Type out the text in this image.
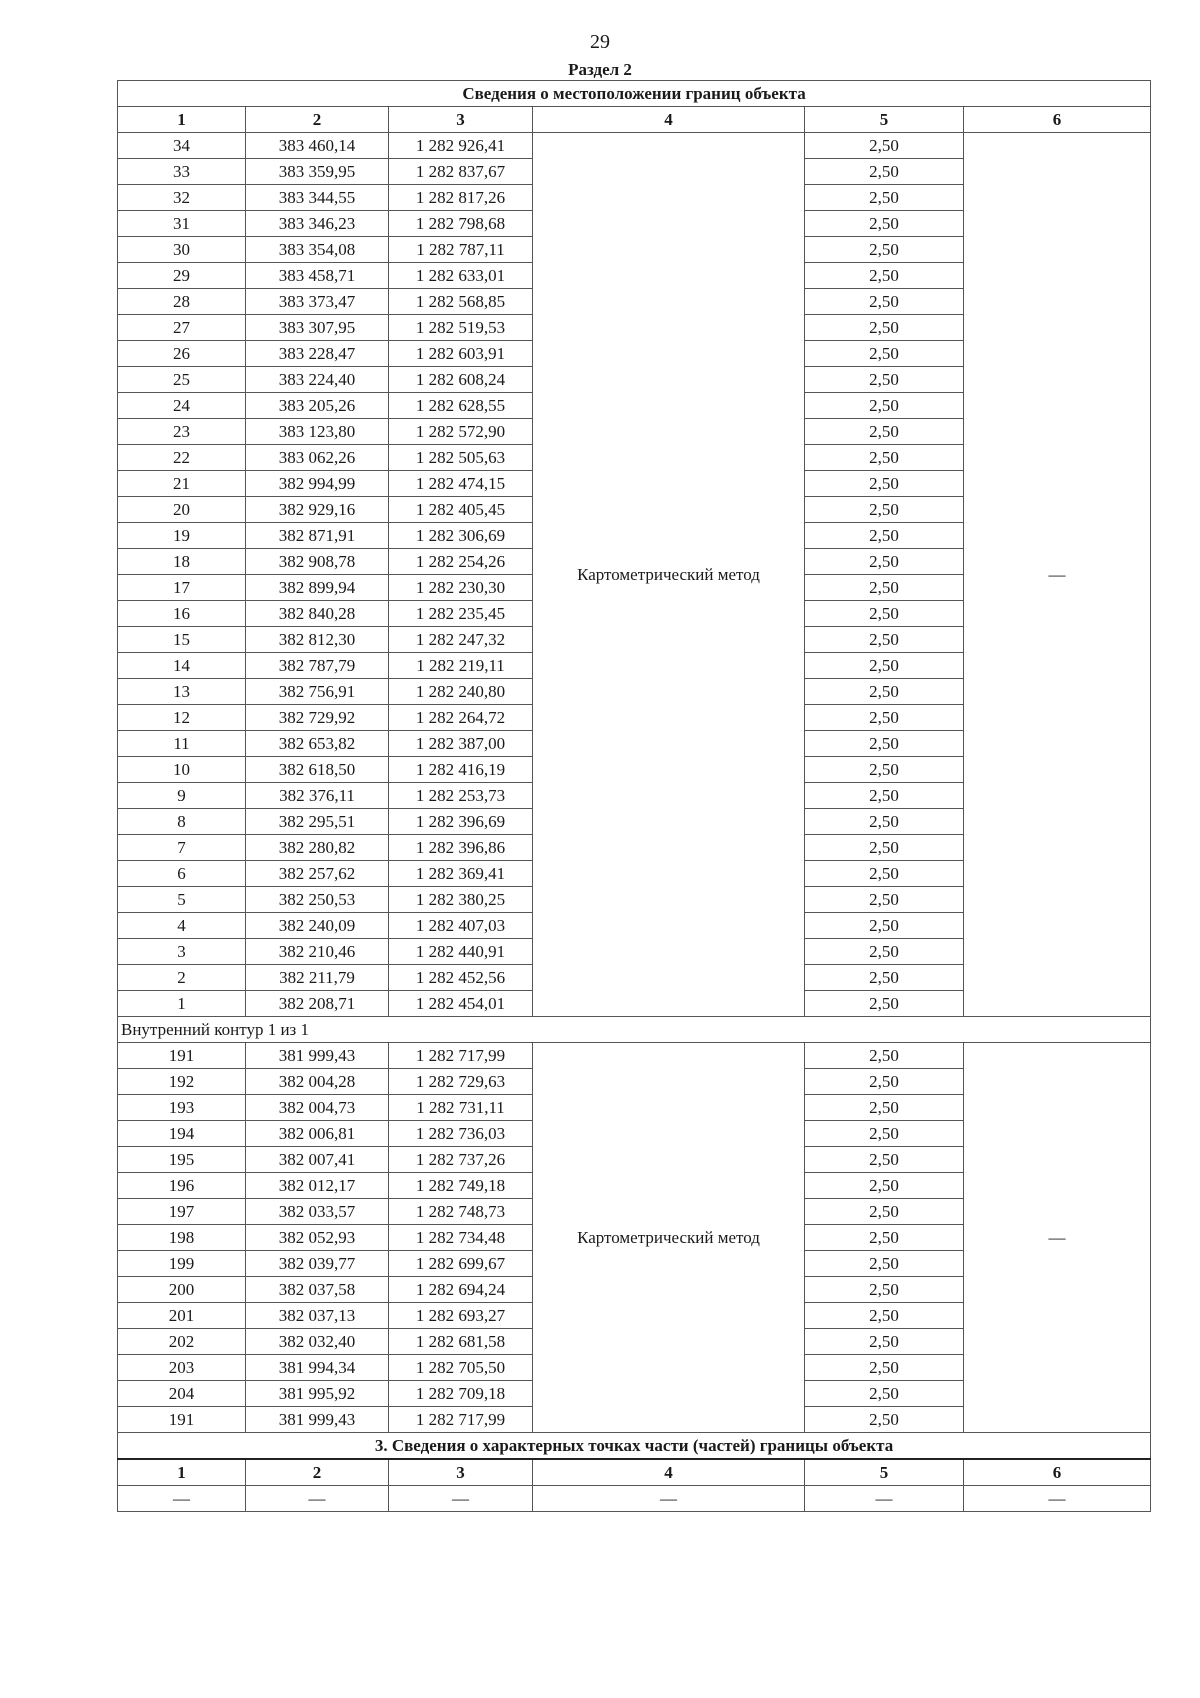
29
Раздел 2
Сведения о местоположении границ объекта					
1	2	3	4	5	6
34	383 460,14	1 282 926,41	Картометрический метод	2,50	—
33	383 359,95	1 282 837,67		2,50	
32	383 344,55	1 282 817,26		2,50	
31	383 346,23	1 282 798,68		2,50	
30	383 354,08	1 282 787,11		2,50	
29	383 458,71	1 282 633,01		2,50	
28	383 373,47	1 282 568,85		2,50	
27	383 307,95	1 282 519,53		2,50	
26	383 228,47	1 282 603,91		2,50	
25	383 224,40	1 282 608,24		2,50	
24	383 205,26	1 282 628,55		2,50	
23	383 123,80	1 282 572,90		2,50	
22	383 062,26	1 282 505,63		2,50	
21	382 994,99	1 282 474,15		2,50	
20	382 929,16	1 282 405,45		2,50	
19	382 871,91	1 282 306,69		2,50	
18	382 908,78	1 282 254,26		2,50	
17	382 899,94	1 282 230,30		2,50	
16	382 840,28	1 282 235,45		2,50	
15	382 812,30	1 282 247,32		2,50	
14	382 787,79	1 282 219,11		2,50	
13	382 756,91	1 282 240,80		2,50	
12	382 729,92	1 282 264,72		2,50	
11	382 653,82	1 282 387,00		2,50	
10	382 618,50	1 282 416,19		2,50	
9	382 376,11	1 282 253,73		2,50	
8	382 295,51	1 282 396,69		2,50	
7	382 280,82	1 282 396,86		2,50	
6	382 257,62	1 282 369,41		2,50	
5	382 250,53	1 282 380,25		2,50	
4	382 240,09	1 282 407,03		2,50	
3	382 210,46	1 282 440,91		2,50	
2	382 211,79	1 282 452,56		2,50	
1	382 208,71	1 282 454,01		2,50	
Внутренний контур 1 из 1					
191	381 999,43	1 282 717,99	Картометрический метод	2,50	—
192	382 004,28	1 282 729,63		2,50	
193	382 004,73	1 282 731,11		2,50	
194	382 006,81	1 282 736,03		2,50	
195	382 007,41	1 282 737,26		2,50	
196	382 012,17	1 282 749,18		2,50	
197	382 033,57	1 282 748,73		2,50	
198	382 052,93	1 282 734,48		2,50	
199	382 039,77	1 282 699,67		2,50	
200	382 037,58	1 282 694,24		2,50	
201	382 037,13	1 282 693,27		2,50	
202	382 032,40	1 282 681,58		2,50	
203	381 994,34	1 282 705,50		2,50	
204	381 995,92	1 282 709,18		2,50	
191	381 999,43	1 282 717,99		2,50	
3. Сведения о характерных точках части (частей) границы объекта					
1	2	3	4	5	6
—	—	—	—	—	—
